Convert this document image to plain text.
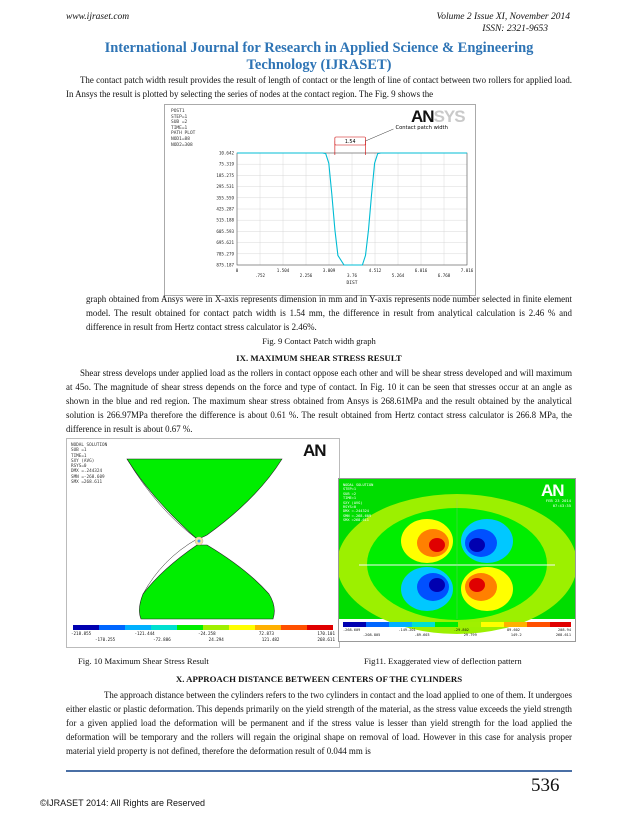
www.ijraset.com	Volume 2 Issue XI, November 2014
ISSN: 2321-9653
International Journal for Research in Applied Science & Engineering
Technology (IJRASET)

The contact patch width result provides the result of length of contact or the length of line of contact between two rollers for applied load. In Ansys the result is plotted by selecting the series of nodes at the contact region. The Fig. 9 shows the

POST1
STEP=1
SUB =2
TIME=1
PATH PLOT
NOD1=88
NOD2=308
ANSYS
10.642
75.319
185.275
295.531
355.559
425.287
515.188
605.593
695.621
785.279
875.187
0	1.504	3.009	4.512	6.016	7.016
.752	2.256	3.76	5.264	6.768
DIST
1.54
Contact patch width
Fig. 9 Contact Patch width graph

graph obtained from Ansys were in X-axis represents dimension in mm and in Y-axis represents node number selected in finite element model. The result obtained for contact patch width is 1.54 mm, the difference in result from analytical calculation is 2.46 % and difference in result from Hertz contact stress calculator is 2.46%.

IX. MAXIMUM SHEAR STRESS RESULT

Shear stress develops under applied load as the rollers in contact oppose each other and will be shear stress developed and will maximum at 45o. The magnitude of shear stress depends on the force and type of contact. In Fig. 10 it can be seen that stresses occur at an angle as shown in the blue and red region. The maximum shear stress obtained from Ansys is 268.61MPa and the result obtained by the analytical solution is 266.97MPa therefore the difference is about 0.61 %. The result obtained from Hertz contact stress calculator is 266.8 MPa, the difference in result is about 0.67 %.

NODAL SOLUTION
SUB =1
TIME=1
SXY (AVG)
RSYS=0
DMX =.244324
SMN =-268.609
SMX =268.611
AN
-218.855	-121.444	-24.258	72.873	170.101
-170.255	-72.886	24.294	121.482	268.611
Fig. 10 Maximum Shear Stress Result
NODAL SOLUTION
STEP=1
SUB =2
TIME=1
SXY (AVG)
RSYS=0
DMX =.244324
SMN =-268.609
SMX =268.611
AN
FEB 23 2014
07:43:35
-268.609	-149.201	-29.802	89.602	208.94
-208.805	-89.603	29.799	149.2	268.611
Fig11. Exaggerated view of deflection pattern
X. APPROACH DISTANCE BETWEEN CENTERS OF THE CYLINDERS

The approach distance between the cylinders refers to the two cylinders in contact and the load applied to one of them. It undergoes either elastic or plastic deformation. This depends primarily on the yield strength of the material, as the stress value exceeds the yield strength for a given applied load the deformation will be permanent and if the stress value is lesser than yield strength for the load applied the deformation will be temporary and the rollers will regain the original shape on removal of load. However in this case for analysis proper material yield property is not defined, therefore the deformation result of 0.044 mm is

536
©IJRASET 2014: All Rights are Reserved
